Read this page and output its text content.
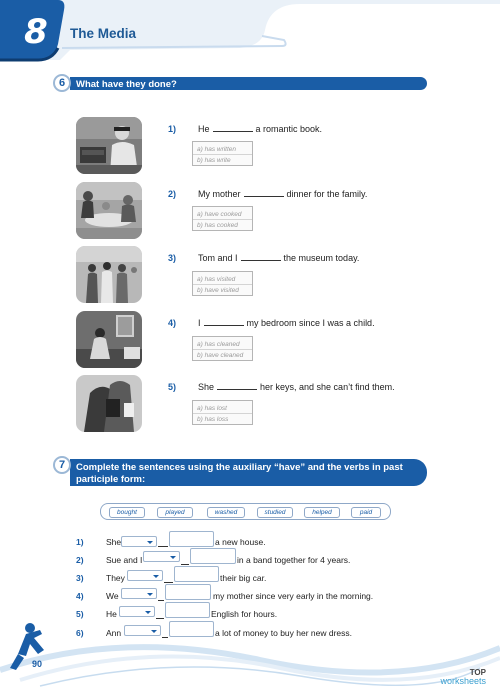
8 The Media
6	What have they done?
1) He	a romantic book.
a) has written
b) has write
2) My mother	dinner for the family.
a) have cooked
b) has cooked
3) Tom and I	the museum today.
a) has visited
b) have visited
4) I	my bedroom since I was a child.
a) has cleaned
b) have cleaned
5) She	her keys, and she can’t find them.
a) has lost
b) has loss
7	Complete the sentences using the auxiliary “have” and the verbs in past
participle form:
bought	played	washed	studied	helped	paid
1)	She	a new house.
2)	Sue and I	in a band together for 4 years.
3)	They	their big car.
4)	We	my mother since very early in the morning.
5)	He	English for hours.
6)	Ann	a lot of money to buy her new dress.
90
TOP
worksheets
